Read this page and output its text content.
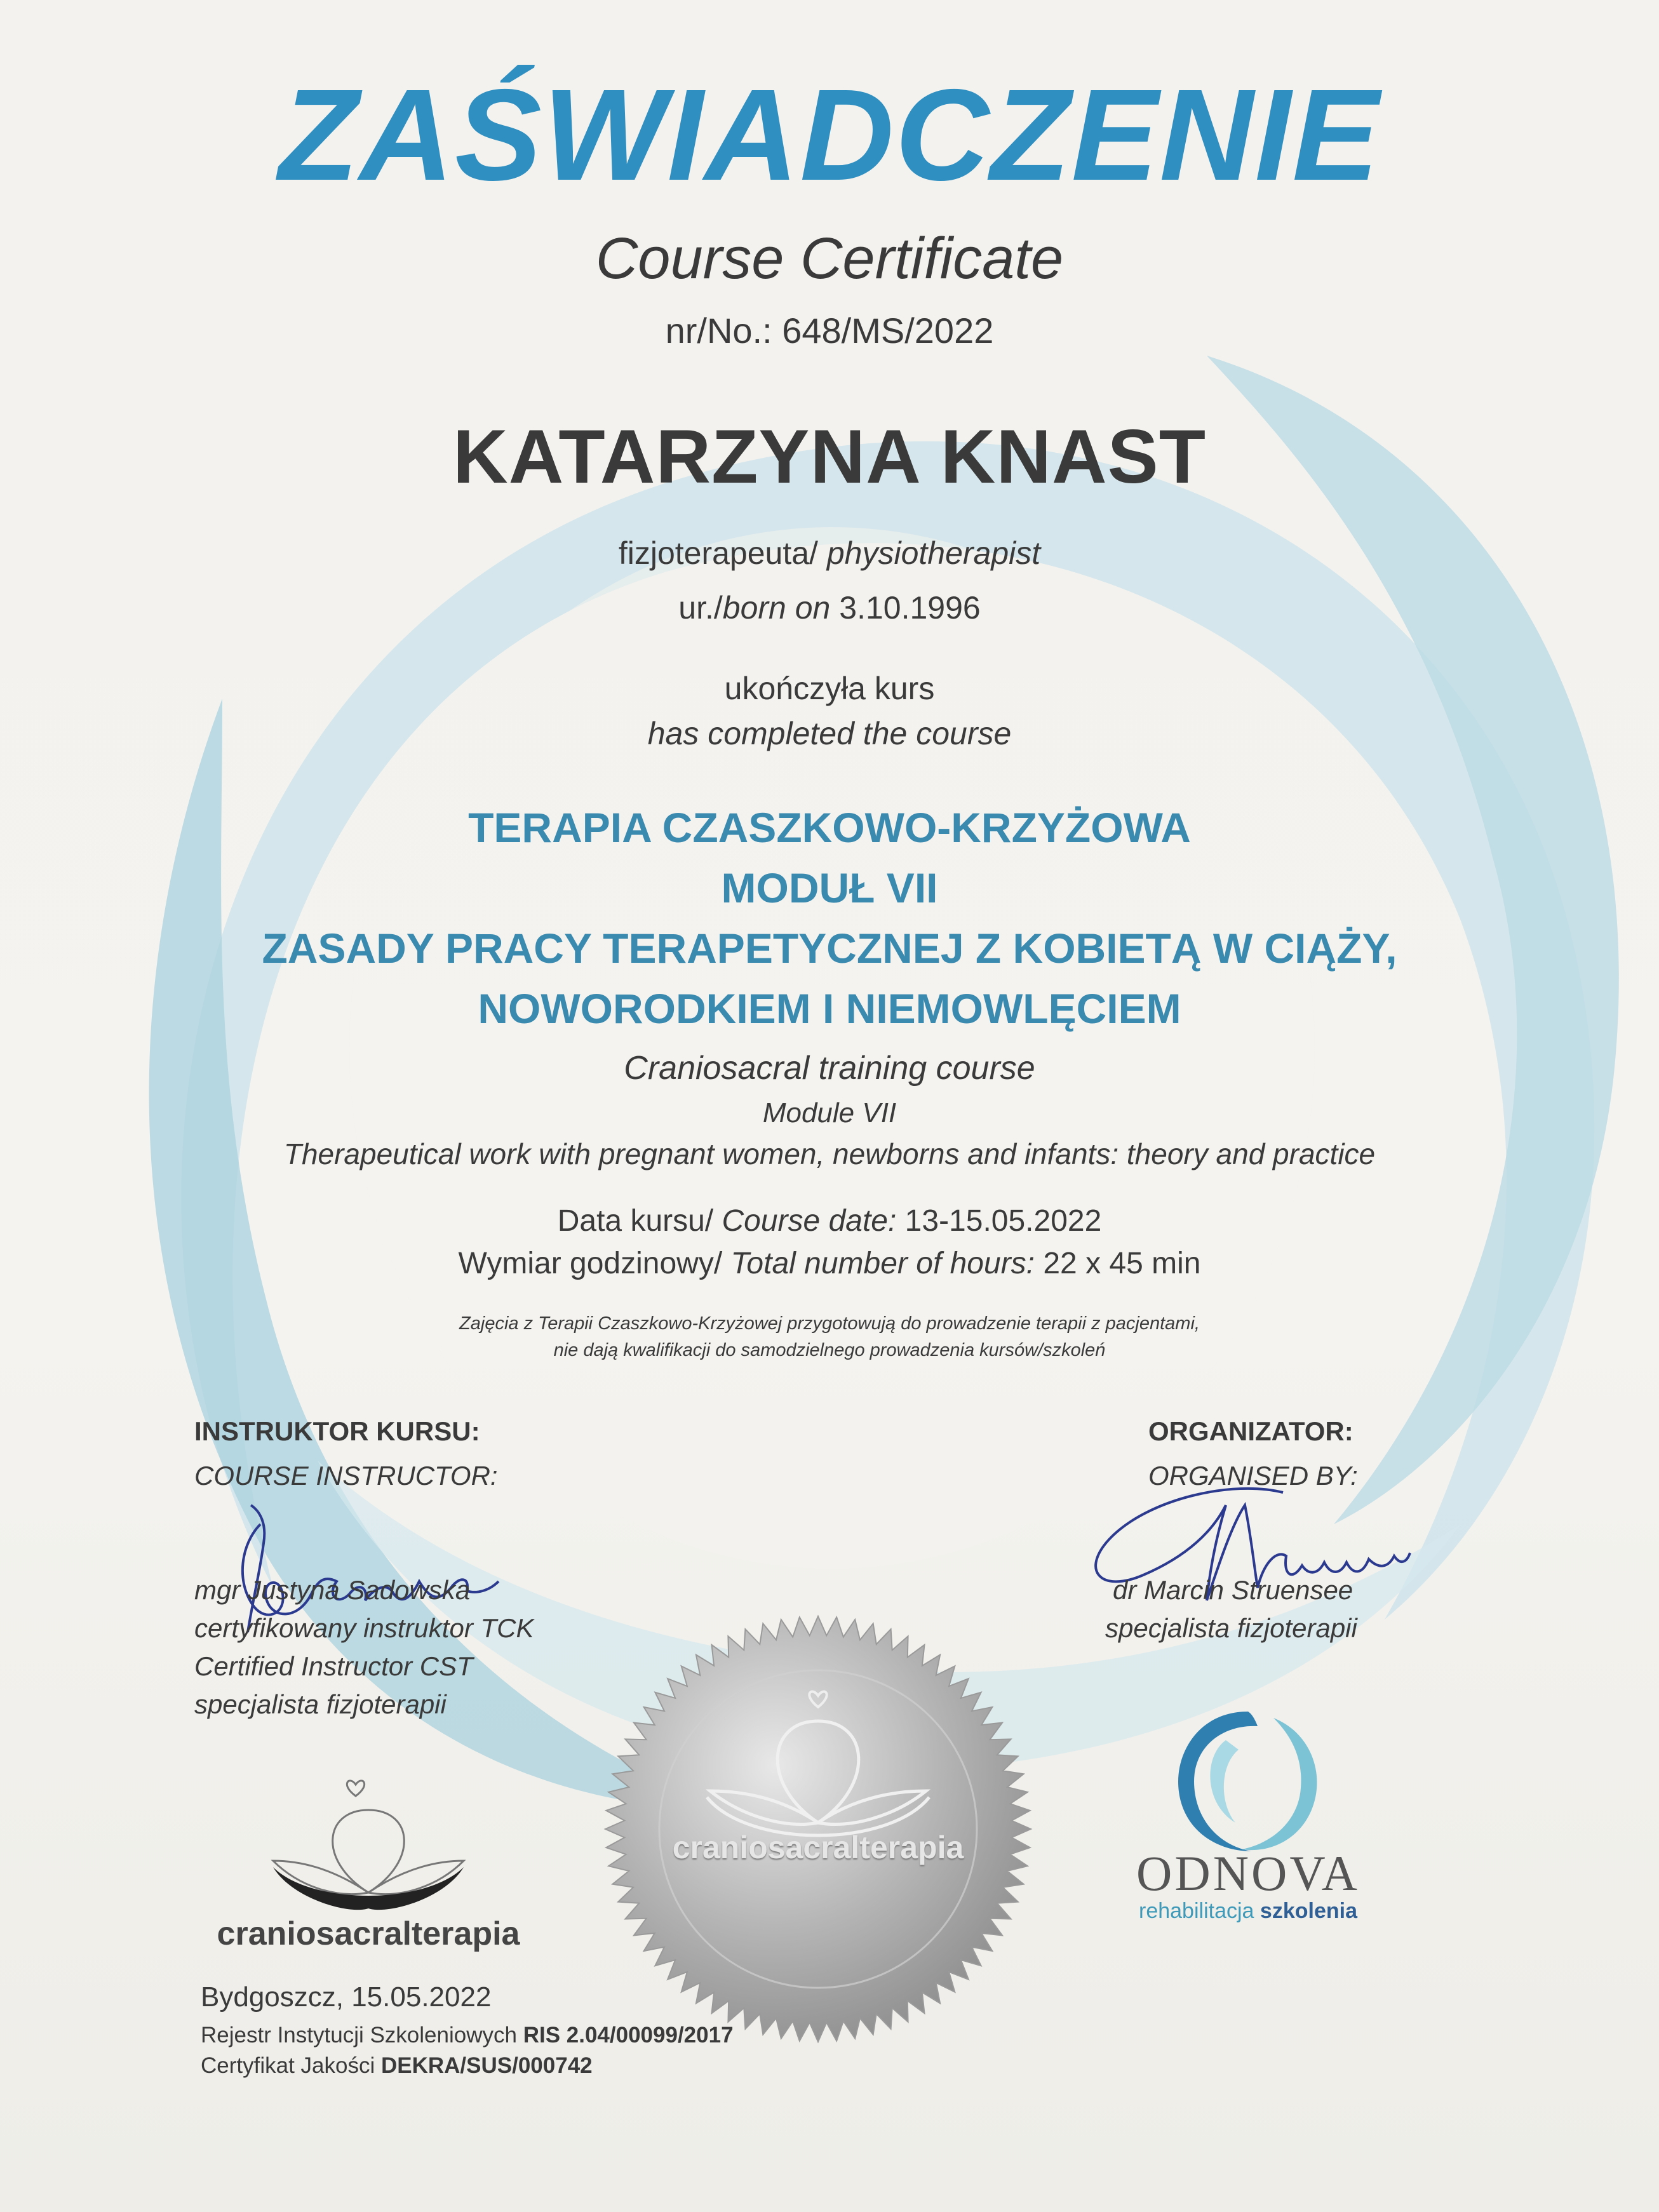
ZAŚWIADCZENIE
Course Certificate
nr/No.: 648/MS/2022
KATARZYNA KNAST
fizjoterapeuta/ physiotherapist
ur./born on 3.10.1996
ukończyła kurs
has completed the course
TERAPIA CZASZKOWO-KRZYŻOWA
MODUŁ VII
ZASADY PRACY TERAPETYCZNEJ Z KOBIETĄ W CIĄŻY,
NOWORODKIEM I NIEMOWLĘCIEM
Craniosacral training course
Module VII
Therapeutical work with pregnant women, newborns and infants: theory and practice
Data kursu/ Course date: 13-15.05.2022
Wymiar godzinowy/ Total number of hours: 22 x 45 min
Zajęcia z Terapii Czaszkowo-Krzyżowej przygotowują do prowadzenie terapii z pacjentami,
nie dają kwalifikacji do samodzielnego prowadzenia kursów/szkoleń
INSTRUKTOR KURSU:
COURSE INSTRUCTOR:
mgr Justyna Sadowska
certyfikowany instruktor TCK
Certified Instructor CST
specjalista fizjoterapii
ORGANIZATOR:
ORGANISED BY:
dr Marcin Struensee
specjalista fizjoterapii
craniosacralterapia
craniosacralterapia	ODNOVA
rehabilitacja szkolenia
Bydgoszcz, 15.05.2022
Rejestr Instytucji Szkoleniowych RIS 2.04/00099/2017
Certyfikat Jakości DEKRA/SUS/000742
